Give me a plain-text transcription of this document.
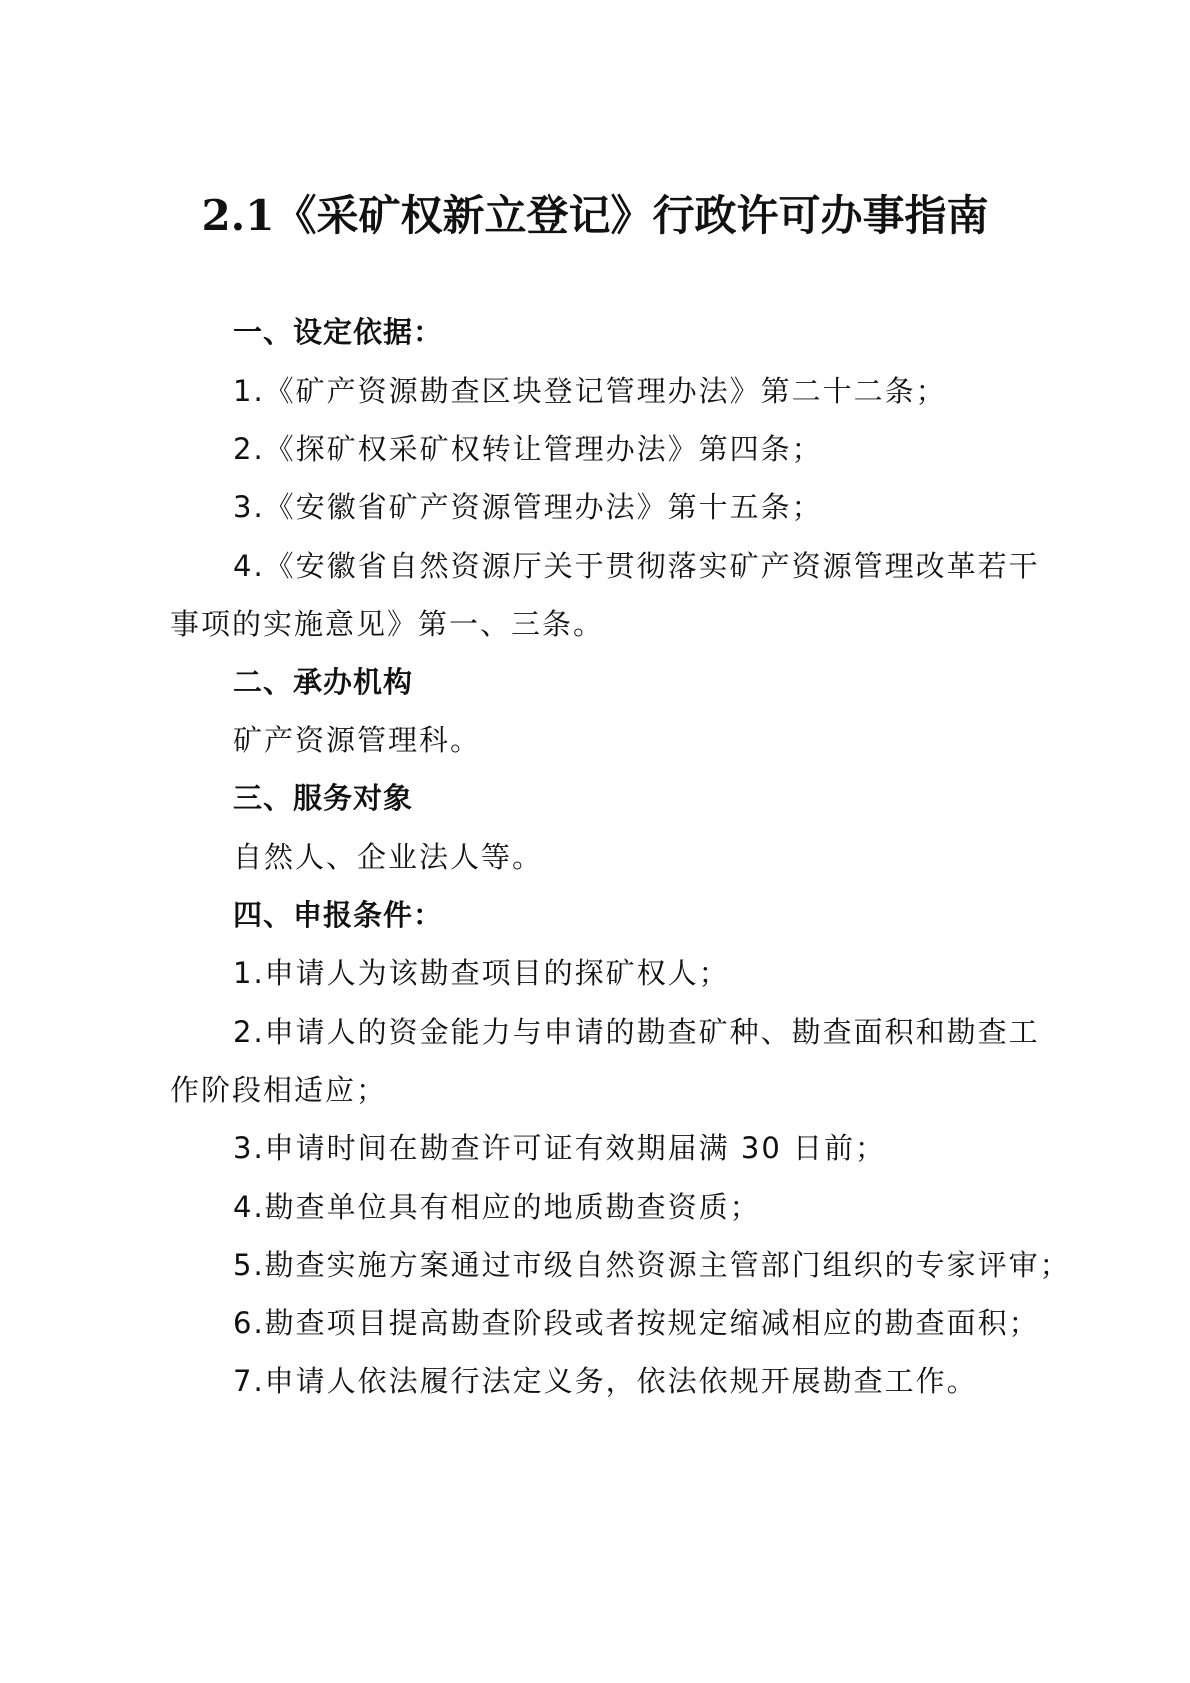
2.1《采矿权新立登记》行政许可办事指南
一、设定依据：
1.《矿产资源勘查区块登记管理办法》第二十二条；
2.《探矿权采矿权转让管理办法》第四条；
3.《安徽省矿产资源管理办法》第十五条；
4.《安徽省自然资源厅关于贯彻落实矿产资源管理改革若干
事项的实施意见》第一、三条。
二、承办机构
矿产资源管理科。
三、服务对象
自然人、企业法人等。
四、申报条件：
1.申请人为该勘查项目的探矿权人；
2.申请人的资金能力与申请的勘查矿种、勘查面积和勘查工
作阶段相适应；
3.申请时间在勘查许可证有效期届满 30 日前；
4.勘查单位具有相应的地质勘查资质；
5.勘查实施方案通过市级自然资源主管部门组织的专家评审；
6.勘查项目提高勘查阶段或者按规定缩减相应的勘查面积；
7.申请人依法履行法定义务，依法依规开展勘查工作。
